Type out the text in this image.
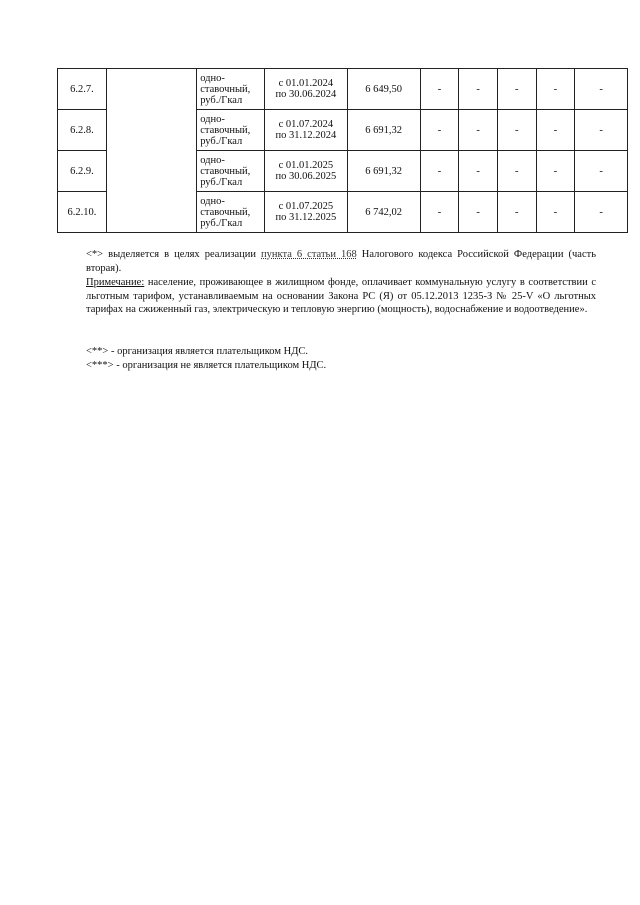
6.2.7.		одно-
ставочный,
руб./Гкал	с 01.01.2024
по 30.06.2024	6 649,50	-	-	-	-	-
6.2.8.		одно-
ставочный,
руб./Гкал	с 01.07.2024
по 31.12.2024	6 691,32	-	-	-	-	-
6.2.9.		одно-
ставочный,
руб./Гкал	с 01.01.2025
по 30.06.2025	6 691,32	-	-	-	-	-
6.2.10.		одно-
ставочный,
руб./Гкал	с 01.07.2025
по 31.12.2025	6 742,02	-	-	-	-	-
<*> выделяется в целях реализации пункта 6 статьи 168 Налогового кодекса Российской Федерации (часть вторая).
Примечание: население, проживающее в жилищном фонде, оплачивает коммунальную услугу в соответствии с льготным тарифом, устанавливаемым на основании Закона РС (Я) от 05.12.2013 1235-З № 25-V «О льготных тарифах на сжиженный газ, электрическую и тепловую энергию (мощность), водоснабжение и водоотведение».
<**> - организация является плательщиком НДС.
<***> - организация не является плательщиком НДС.
